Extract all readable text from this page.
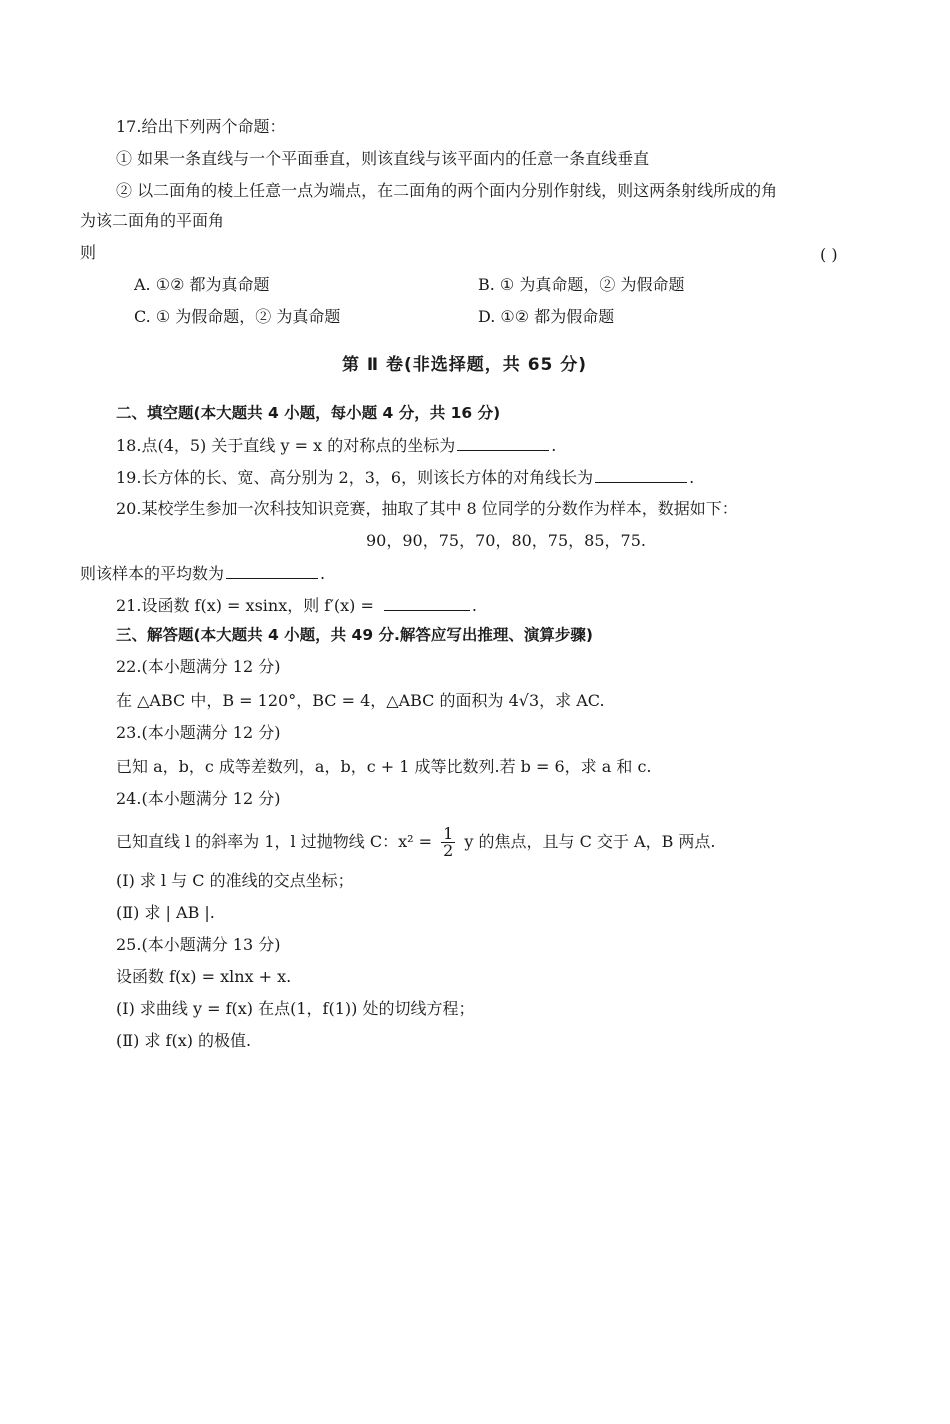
17.给出下列两个命题：
① 如果一条直线与一个平面垂直，则该直线与该平面内的任意一条直线垂直
② 以二面角的棱上任意一点为端点，在二面角的两个面内分别作射线，则这两条射线所成的角
为该二面角的平面角
则	( )
A. ①② 都为真命题	B. ① 为真命题，② 为假命题
C. ① 为假命题，② 为真命题	D. ①② 都为假命题
第 Ⅱ 卷(非选择题，共 65 分)
二、填空题(本大题共 4 小题，每小题 4 分，共 16 分)
18.点(4，5) 关于直线 y = x 的对称点的坐标为	.
19.长方体的长、宽、高分别为 2，3，6，则该长方体的对角线长为	.
20.某校学生参加一次科技知识竞赛，抽取了其中 8 位同学的分数作为样本，数据如下：
90，90，75，70，80，75，85，75.
则该样本的平均数为	.
21.设函数 f(x) = xsinx，则 f′(x) =	.
三、解答题(本大题共 4 小题，共 49 分.解答应写出推理、演算步骤)
22.(本小题满分 12 分)
在 △ABC 中，B = 120°，BC = 4，△ABC 的面积为 4√3，求 AC.
23.(本小题满分 12 分)
已知 a，b，c 成等差数列，a，b，c + 1 成等比数列.若 b = 6，求 a 和 c.
24.(本小题满分 12 分)
已知直线 l 的斜率为 1，l 过抛物线 C：$x^2 = \frac{1}{2}$ y 的焦点，且与 C 交于 A，B 两点.
(Ⅰ) 求 l 与 C 的准线的交点坐标；
(Ⅱ) 求 | AB |.
25.(本小题满分 13 分)
设函数 f(x) = xlnx + x.
(Ⅰ) 求曲线 y = f(x) 在点(1，f(1)) 处的切线方程；
(Ⅱ) 求 f(x) 的极值.
